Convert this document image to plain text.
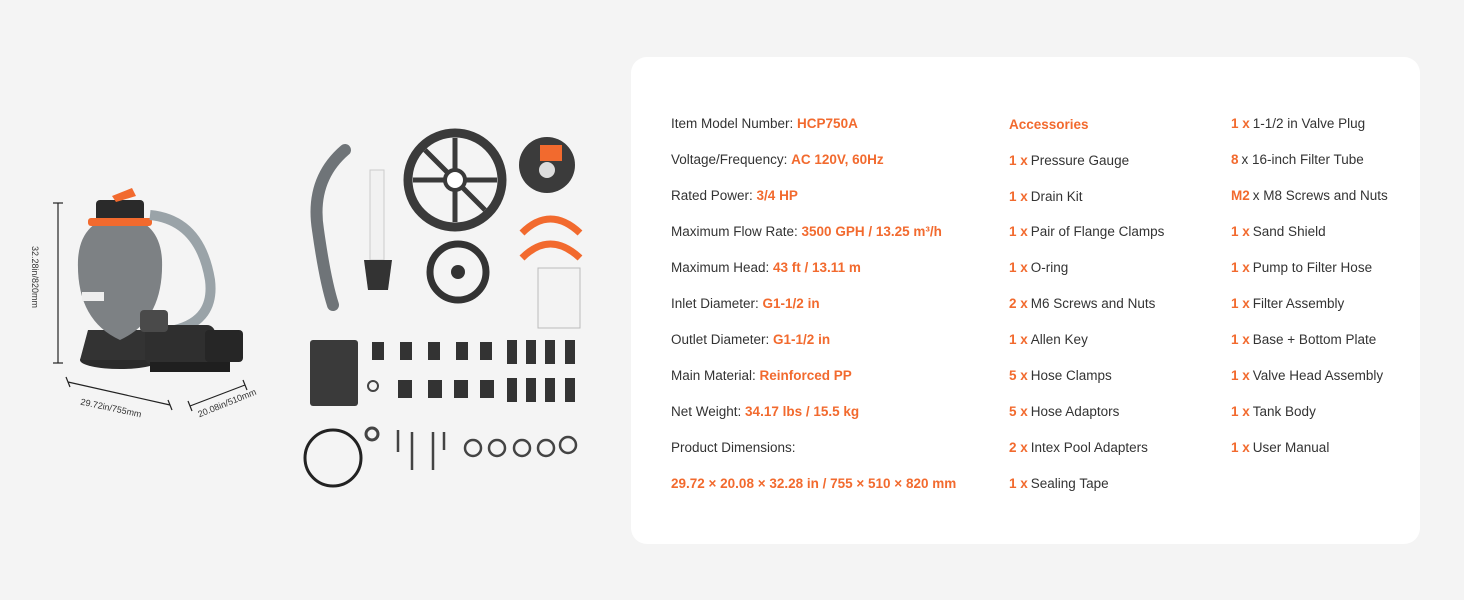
32.28in/820mm
29.72in/755mm	20.08in/510mm
Item Model Number: HCP750A
Voltage/Frequency: AC 120V, 60Hz
Rated Power: 3/4 HP
Maximum Flow Rate: 3500 GPH / 13.25 m³/h
Maximum Head: 43 ft / 13.11 m
Inlet Diameter: G1-1/2 in
Outlet Diameter: G1-1/2 in
Main Material: Reinforced PP
Net Weight: 34.17 lbs / 15.5 kg
Product Dimensions:
29.72 × 20.08 × 32.28 in / 755 × 510 × 820 mm
Accessories
1 x Pressure Gauge
1 x Drain Kit
1 x Pair of Flange Clamps
1 x O-ring
2 x M6 Screws and Nuts
1 x Allen Key
5 x Hose Clamps
5 x Hose Adaptors
2 x Intex Pool Adapters
1 x Sealing Tape
1 x 1-1/2 in Valve Plug
8 x 16-inch Filter Tube
M2 x M8 Screws and Nuts
1 x Sand Shield
1 x Pump to Filter Hose
1 x Filter Assembly
1 x Base + Bottom Plate
1 x Valve Head Assembly
1 x Tank Body
1 x User Manual
